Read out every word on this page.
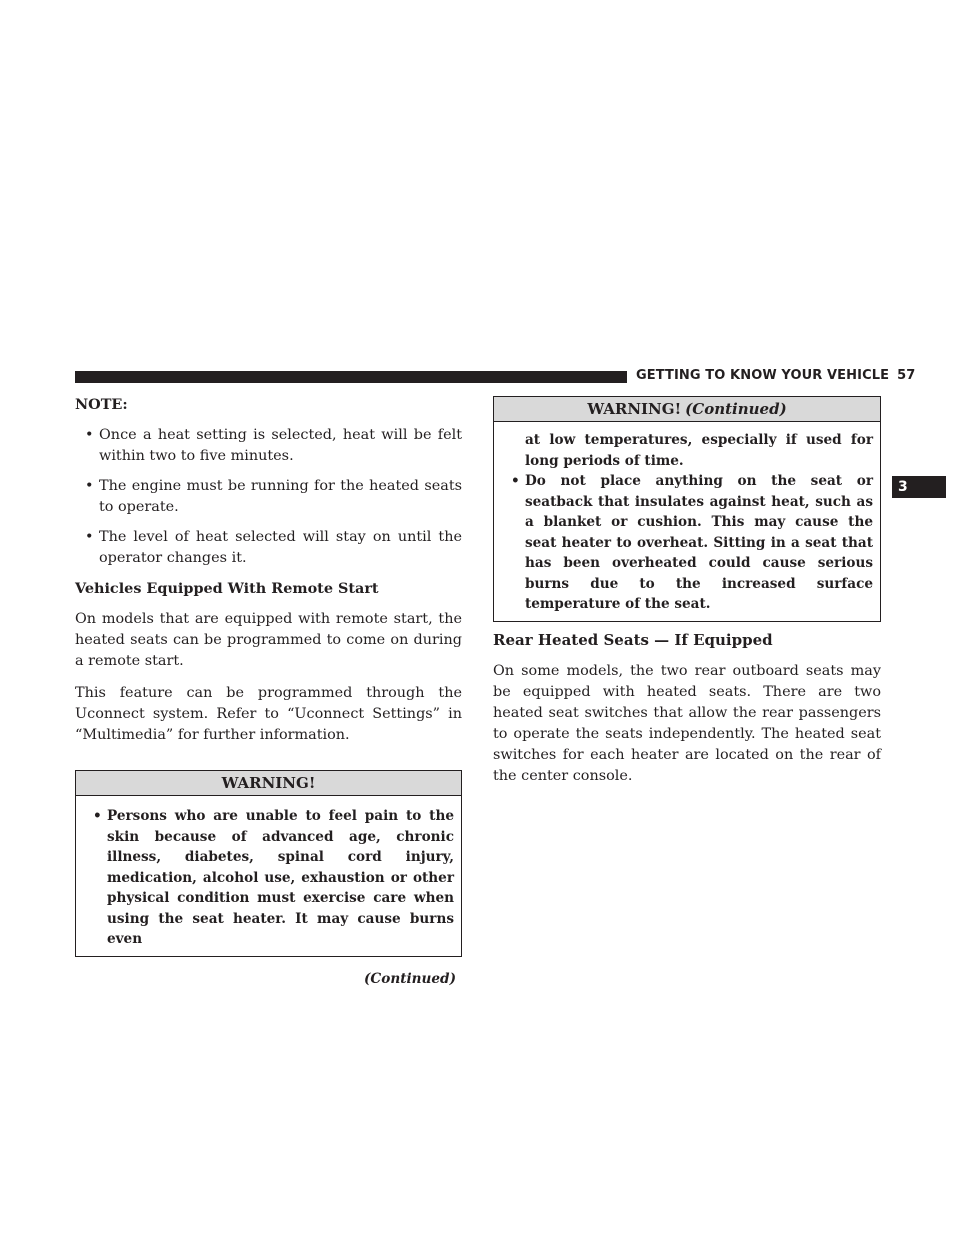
GETTING TO KNOW YOUR VEHICLE 57
3

NOTE:

• Once a heat setting is selected, heat will be felt within two to five minutes.
• The engine must be running for the heated seats to operate.
• The level of heat selected will stay on until the operator changes it.

Vehicles Equipped With Remote Start

On models that are equipped with remote start, the heated seats can be programmed to come on during a remote start.

This feature can be programmed through the Uconnect system. Refer to “Uconnect Settings” in “Multimedia” for further information.

WARNING!
• Persons who are unable to feel pain to the skin because of advanced age, chronic illness, diabetes, spinal cord injury, medication, alcohol use, exhaustion or other physical condition must exercise care when using the seat heater. It may cause burns even
(Continued)
WARNING! (Continued)

at low temperatures, especially if used for long periods of time.

• Do not place anything on the seat or seatback that insulates against heat, such as a blanket or cushion. This may cause the seat heater to overheat. Sitting in a seat that has been overheated could cause serious burns due to the increased surface temperature of the seat.

Rear Heated Seats — If Equipped

On some models, the two rear outboard seats may be equipped with heated seats. There are two heated seat switches that allow the rear passengers to operate the seats independently. The heated seat switches for each heater are located on the rear of the center console.
